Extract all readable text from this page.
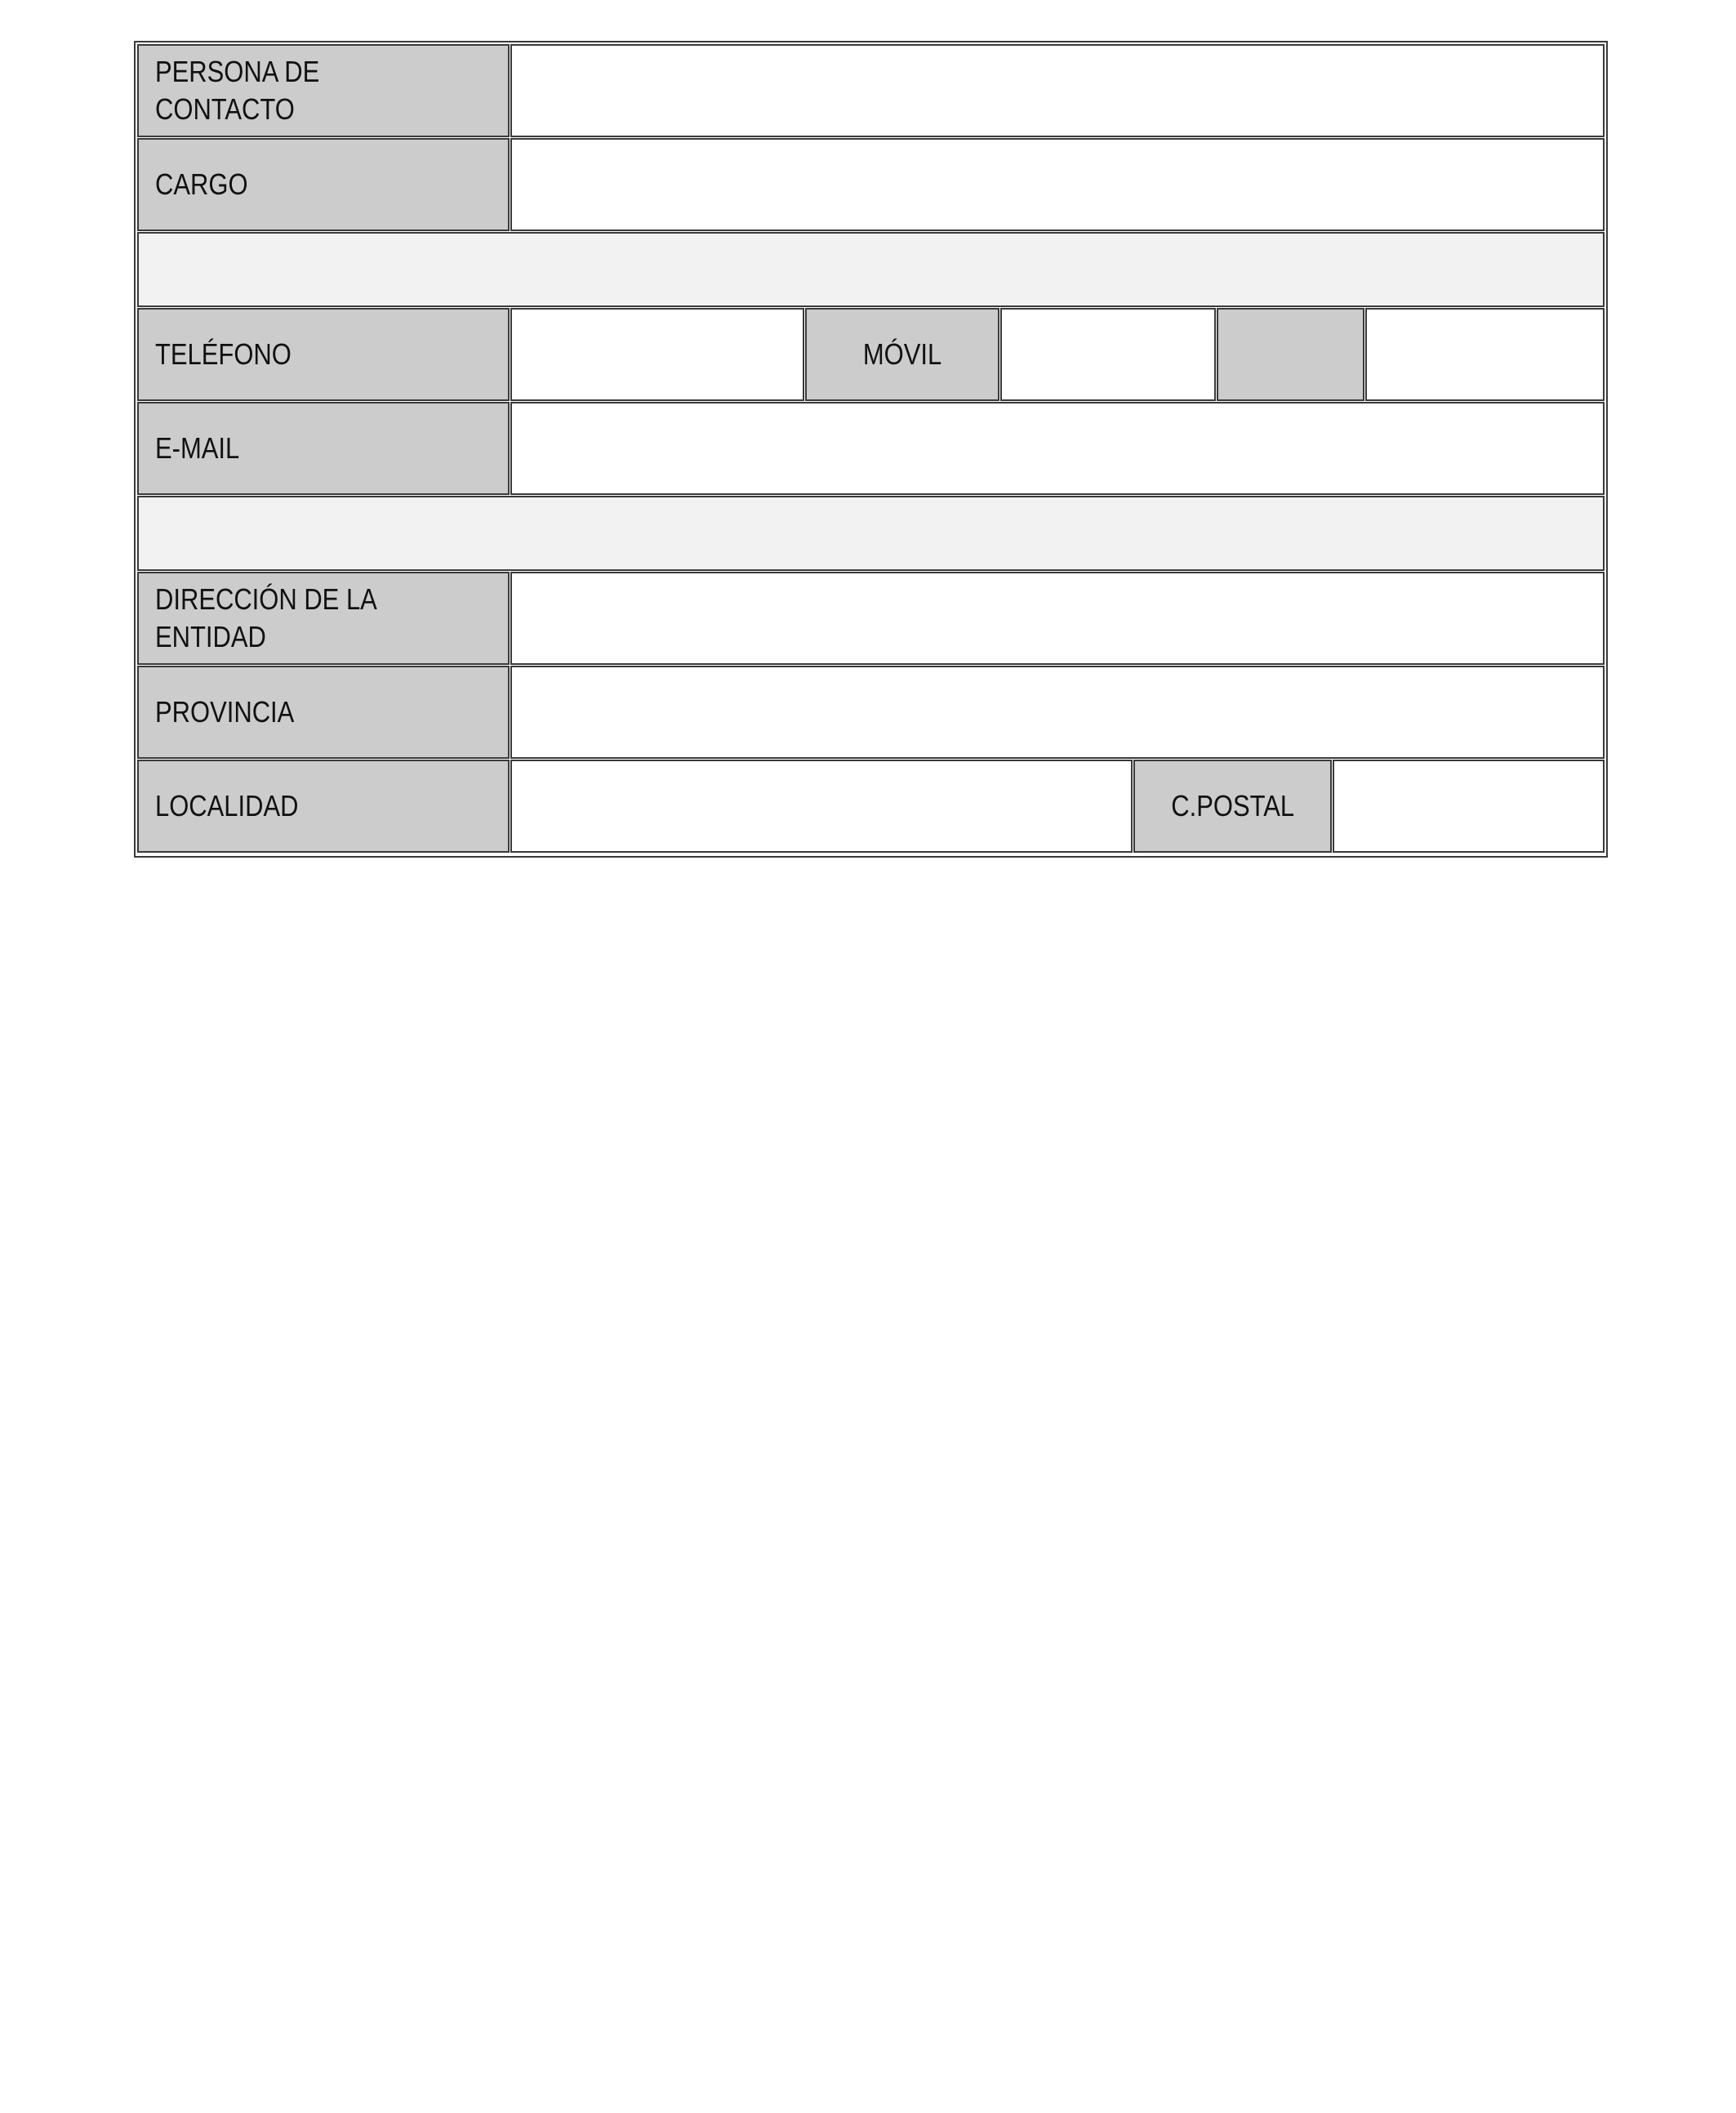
PERSONA DE CONTACTO
CARGO
TELÉFONO	MÓVIL
E-MAIL
DIRECCIÓN DE LA
ENTIDAD
PROVINCIA
LOCALIDAD	C.POSTAL
